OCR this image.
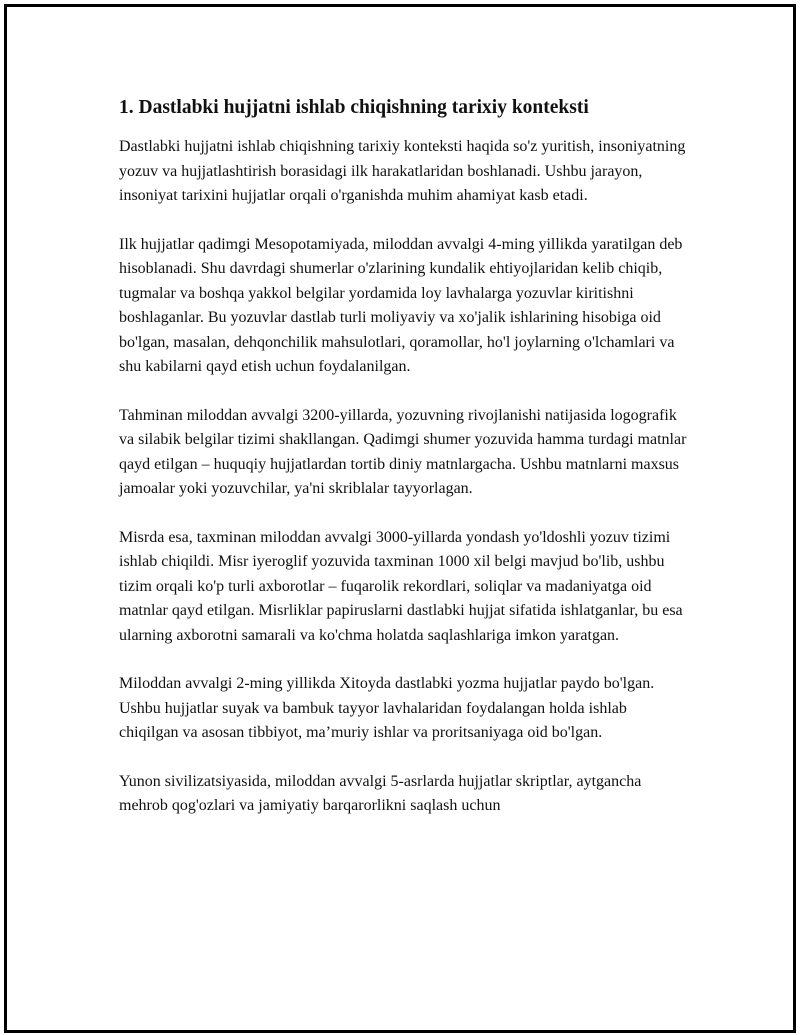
1. Dastlabki hujjatni ishlab chiqishning tarixiy konteksti

Dastlabki hujjatni ishlab chiqishning tarixiy konteksti haqida so'z yuritish, insoniyatning yozuv va hujjatlashtirish borasidagi ilk harakatlaridan boshlanadi. Ushbu jarayon, insoniyat tarixini hujjatlar orqali o'rganishda muhim ahamiyat kasb etadi.

Ilk hujjatlar qadimgi Mesopotamiyada, miloddan avvalgi 4-ming yillikda yaratilgan deb hisoblanadi. Shu davrdagi shumerlar o'zlarining kundalik ehtiyojlaridan kelib chiqib, tugmalar va boshqa yakkol belgilar yordamida loy lavhalarga yozuvlar kiritishni boshlaganlar. Bu yozuvlar dastlab turli moliyaviy va xo'jalik ishlarining hisobiga oid bo'lgan, masalan, dehqonchilik mahsulotlari, qoramollar, ho'l joylarning o'lchamlari va shu kabilarni qayd etish uchun foydalanilgan.

Tahminan miloddan avvalgi 3200-yillarda, yozuvning rivojlanishi natijasida logografik va silabik belgilar tizimi shakllangan. Qadimgi shumer yozuvida hamma turdagi matnlar qayd etilgan – huquqiy hujjatlardan tortib diniy matnlargacha. Ushbu matnlarni maxsus jamoalar yoki yozuvchilar, ya'ni skriblalar tayyorlagan.

Misrda esa, taxminan miloddan avvalgi 3000-yillarda yondash yo'ldoshli yozuv tizimi ishlab chiqildi. Misr iyeroglif yozuvida taxminan 1000 xil belgi mavjud bo'lib, ushbu tizim orqali ko'p turli axborotlar – fuqarolik rekordlari, soliqlar va madaniyatga oid matnlar qayd etilgan. Misrliklar papiruslarni dastlabki hujjat sifatida ishlatganlar, bu esa ularning axborotni samarali va ko'chma holatda saqlashlariga imkon yaratgan.

Miloddan avvalgi 2-ming yillikda Xitoyda dastlabki yozma hujjatlar paydo bo'lgan. Ushbu hujjatlar suyak va bambuk tayyor lavhalaridan foydalangan holda ishlab chiqilgan va asosan tibbiyot, ma’muriy ishlar va proritsaniyaga oid bo'lgan.

Yunon sivilizatsiyasida, miloddan avvalgi 5-asrlarda hujjatlar skriptlar, aytgancha mehrob qog'ozlari va jamiyatiy barqarorlikni saqlash uchun
